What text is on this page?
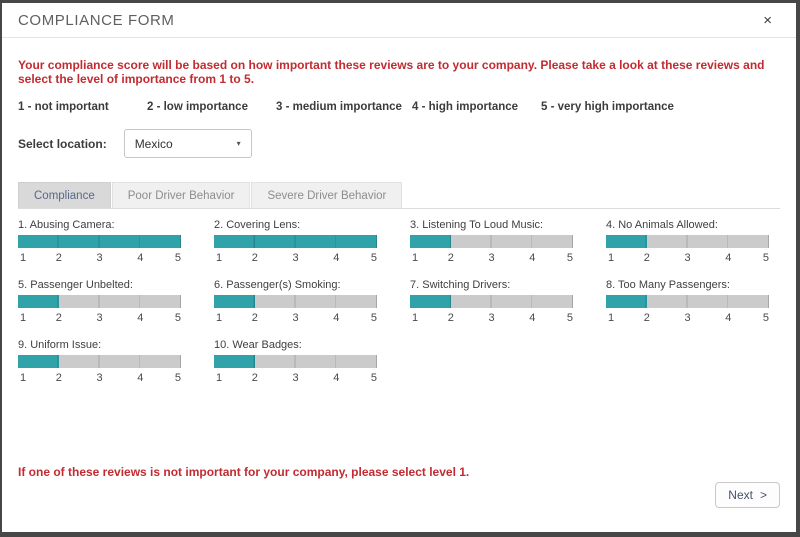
COMPLIANCE FORM	×
Your compliance score will be based on how important these reviews are to your company. Please take a look at these reviews and select the level of importance from 1 to 5.
1 - not important	2 - low importance	3 - medium importance 4 - high importance	5 - very high importance
Select location: Mexico	▾
Compliance	Poor Driver Behavior	Severe Driver Behavior
1. Abusing Camera:
1	2	3	4	5
2. Covering Lens:
1	2	3	4	5
3. Listening To Loud Music:
1	2	3	4	5
4. No Animals Allowed:
1	2	3	4	5
5. Passenger Unbelted:
1	2	3	4	5
6. Passenger(s) Smoking:
1	2	3	4	5
7. Switching Drivers:
1	2	3	4	5
8. Too Many Passengers:
1	2	3	4	5
9. Uniform Issue:
1	2	3	4	5
10. Wear Badges:
1	2	3	4	5
If one of these reviews is not important for your company, please select level 1.
Next >
